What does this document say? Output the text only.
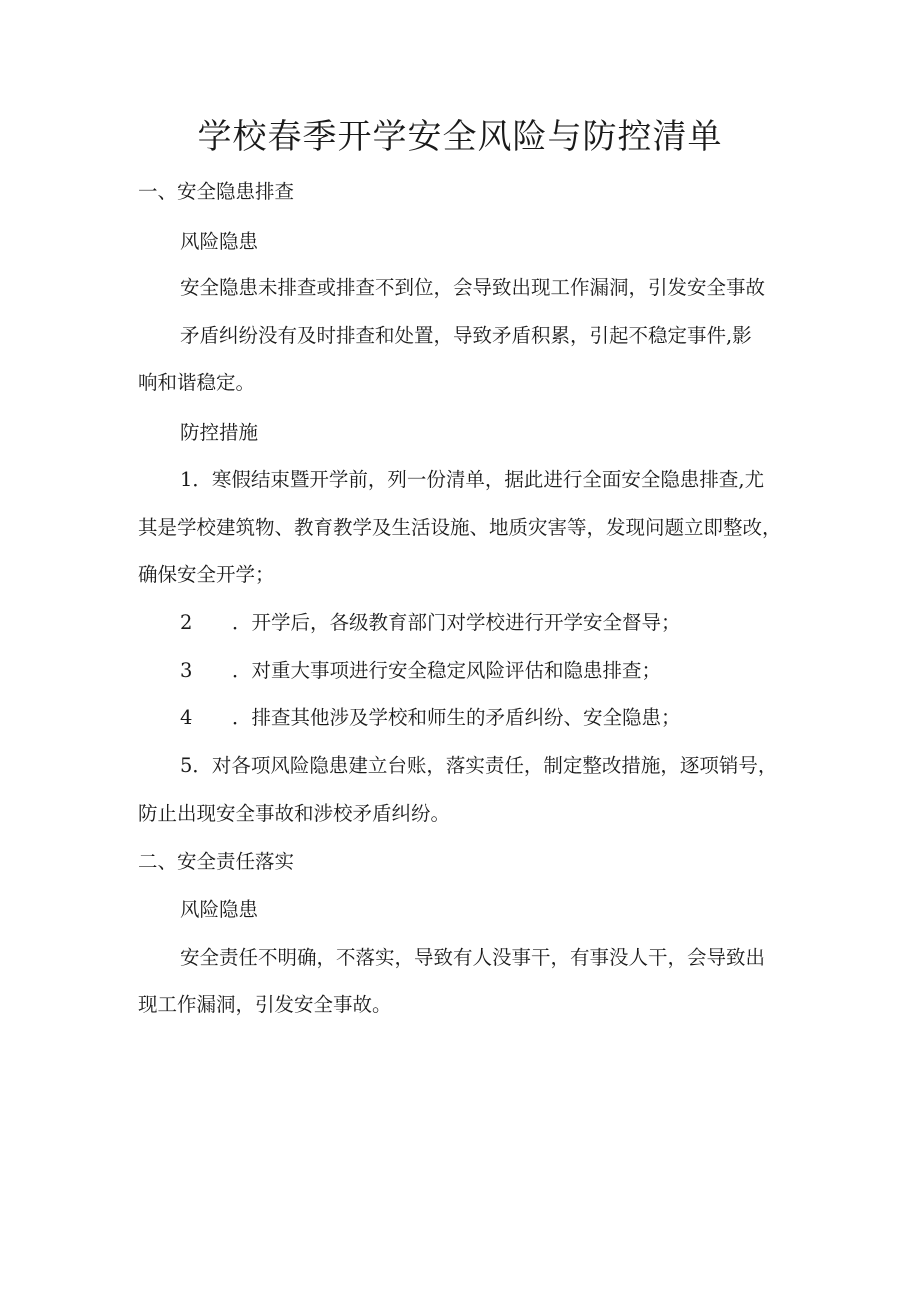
学校春季开学安全风险与防控清单

一、安全隐患排查

风险隐患

安全隐患未排查或排查不到位，会导致出现工作漏洞，引发安全事故

矛盾纠纷没有及时排查和处置，导致矛盾积累，引起不稳定事件,影

响和谐稳定。

防控措施

1．寒假结束暨开学前，列一份清单，据此进行全面安全隐患排查,尤

其是学校建筑物、教育教学及生活设施、地质灾害等，发现问题立即整改，

确保安全开学；

2 ．开学后，各级教育部门对学校进行开学安全督导；
3 ．对重大事项进行安全稳定风险评估和隐患排查；
4 ．排查其他涉及学校和师生的矛盾纠纷、安全隐患；

5．对各项风险隐患建立台账，落实责任，制定整改措施，逐项销号，

防止出现安全事故和涉校矛盾纠纷。

二、安全责任落实

风险隐患

安全责任不明确，不落实，导致有人没事干，有事没人干，会导致出

现工作漏洞，引发安全事故。
